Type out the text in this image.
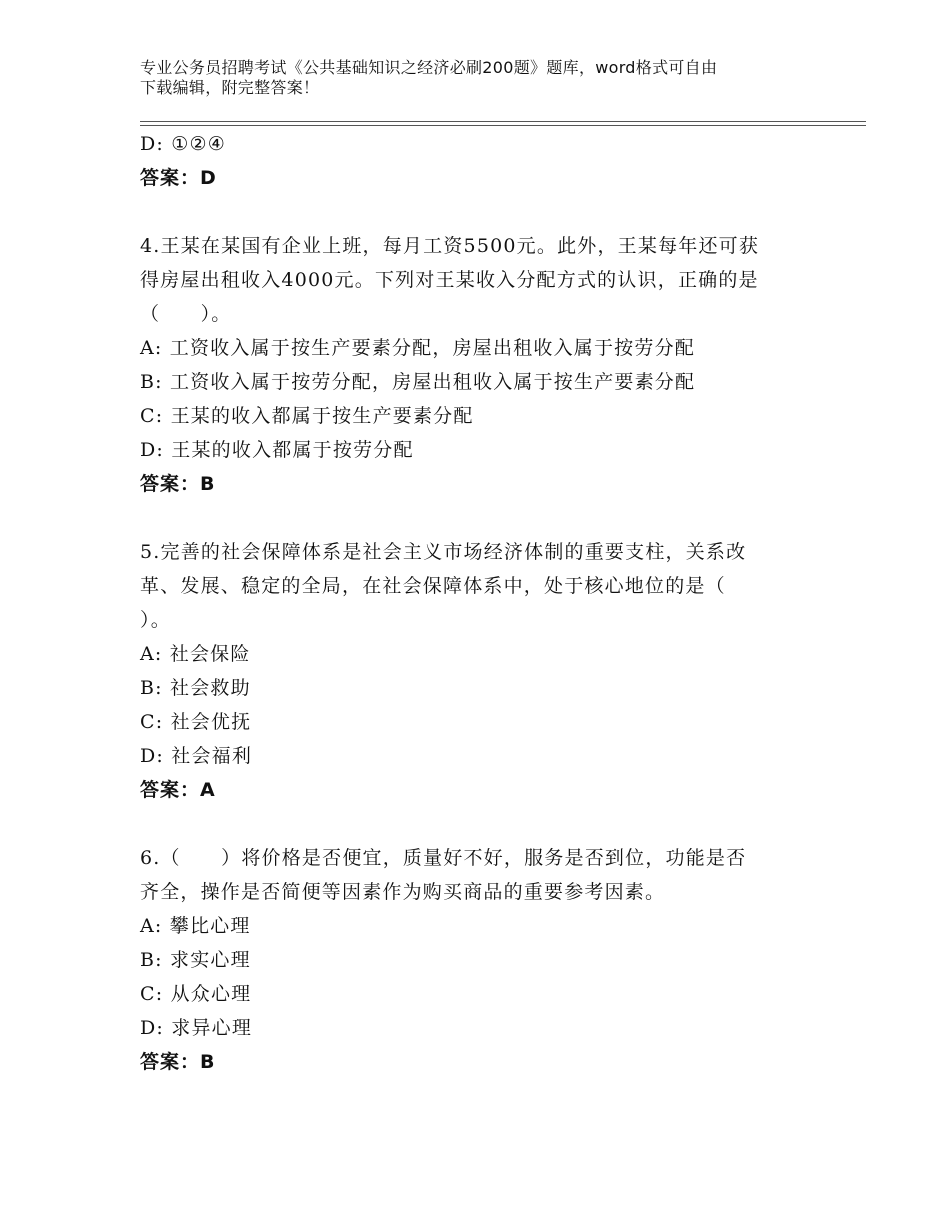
专业公务员招聘考试《公共基础知识之经济必刷200题》题库，word格式可自由
下载编辑，附完整答案！
D: ①②④
答案：D
4.王某在某国有企业上班，每月工资5500元。此外，王某每年还可获
得房屋出租收入4000元。下列对王某收入分配方式的认识，正确的是
（　　）。
A: 工资收入属于按生产要素分配，房屋出租收入属于按劳分配
B: 工资收入属于按劳分配，房屋出租收入属于按生产要素分配
C: 王某的收入都属于按生产要素分配
D: 王某的收入都属于按劳分配
答案：B
5.完善的社会保障体系是社会主义市场经济体制的重要支柱，关系改
革、发展、稳定的全局，在社会保障体系中，处于核心地位的是（
）。
A: 社会保险
B: 社会救助
C: 社会优抚
D: 社会福利
答案：A
6.（　　）将价格是否便宜，质量好不好，服务是否到位，功能是否
齐全，操作是否简便等因素作为购买商品的重要参考因素。
A: 攀比心理
B: 求实心理
C: 从众心理
D: 求异心理
答案：B
